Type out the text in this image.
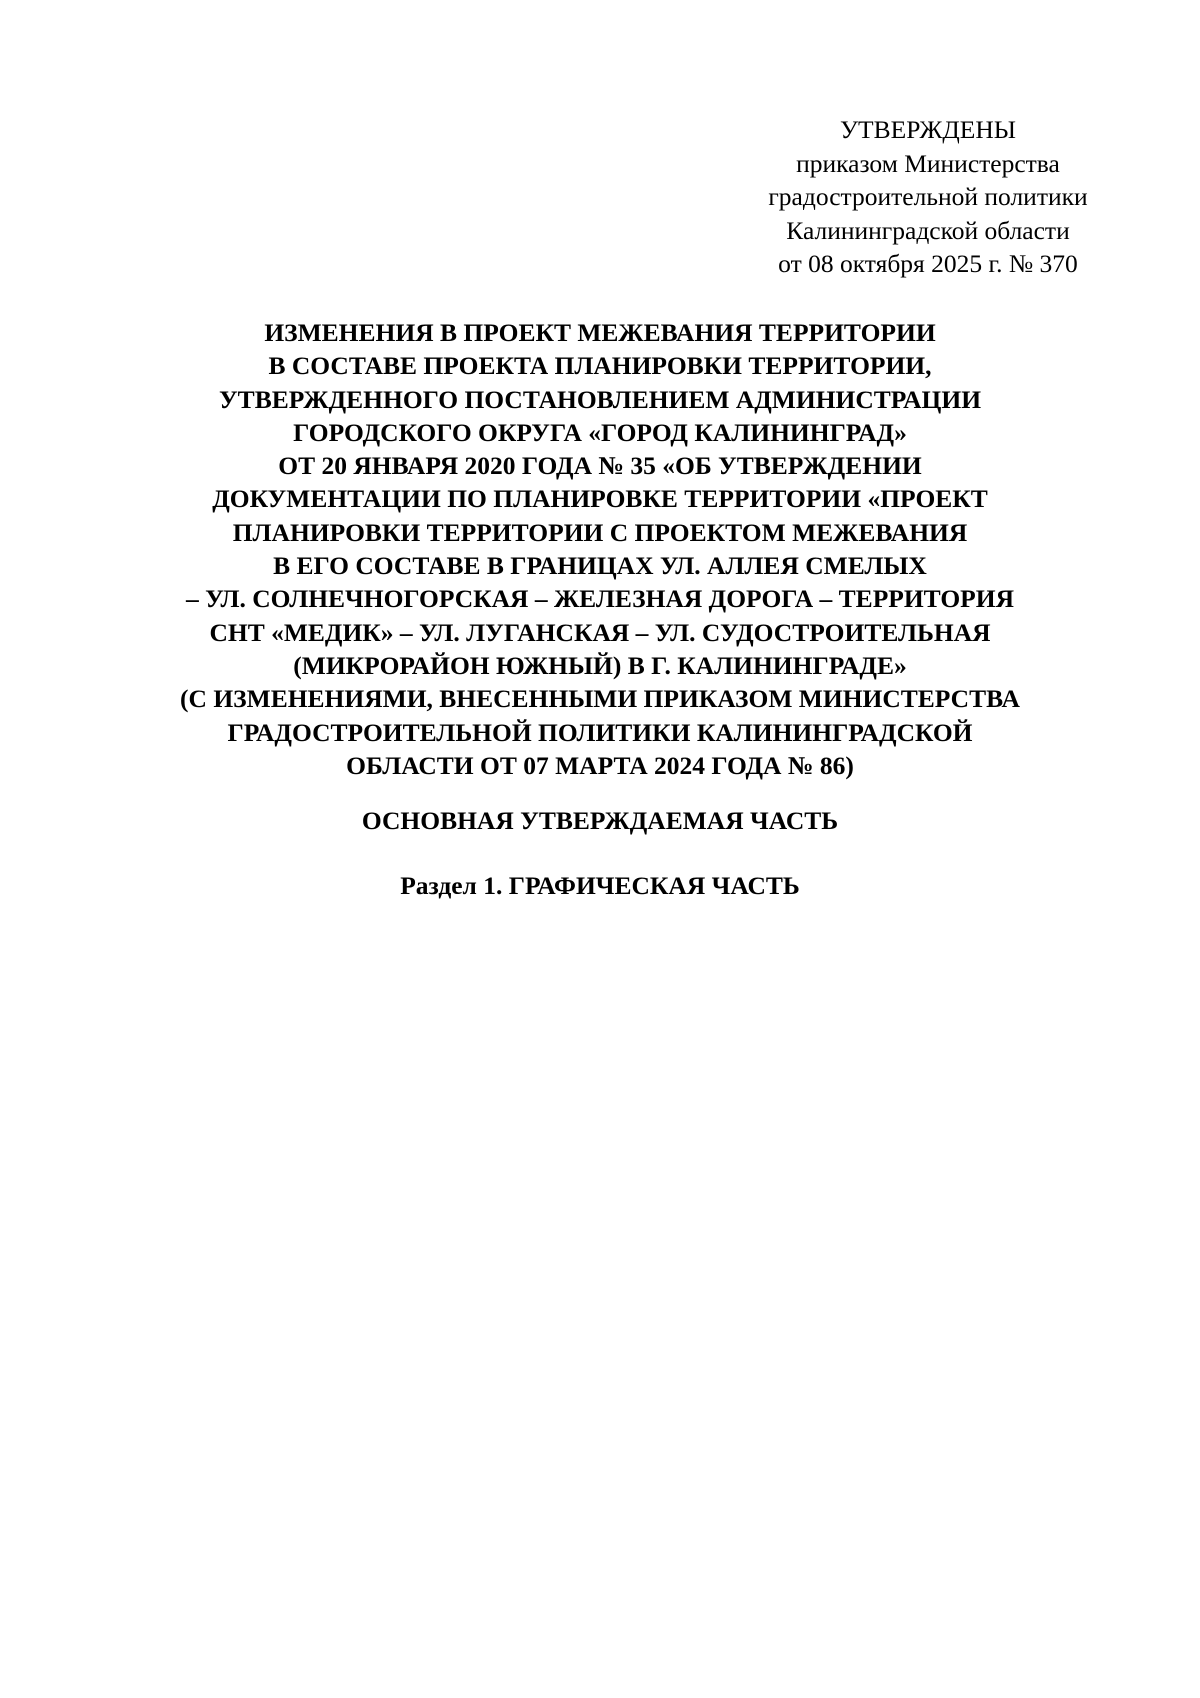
УТВЕРЖДЕНЫ
приказом Министерства
градостроительной политики
Калининградской области
от 08 октября 2025 г. № 370
ИЗМЕНЕНИЯ В ПРОЕКТ МЕЖЕВАНИЯ ТЕРРИТОРИИ
В СОСТАВЕ ПРОЕКТА ПЛАНИРОВКИ ТЕРРИТОРИИ,
УТВЕРЖДЕННОГО ПОСТАНОВЛЕНИЕМ АДМИНИСТРАЦИИ
ГОРОДСКОГО ОКРУГА «ГОРОД КАЛИНИНГРАД»
ОТ 20 ЯНВАРЯ 2020 ГОДА № 35 «ОБ УТВЕРЖДЕНИИ
ДОКУМЕНТАЦИИ ПО ПЛАНИРОВКЕ ТЕРРИТОРИИ «ПРОЕКТ
ПЛАНИРОВКИ ТЕРРИТОРИИ С ПРОЕКТОМ МЕЖЕВАНИЯ
В ЕГО СОСТАВЕ В ГРАНИЦАХ УЛ. АЛЛЕЯ СМЕЛЫХ
– УЛ. СОЛНЕЧНОГОРСКАЯ – ЖЕЛЕЗНАЯ ДОРОГА – ТЕРРИТОРИЯ
СНТ «МЕДИК» – УЛ. ЛУГАНСКАЯ – УЛ. СУДОСТРОИТЕЛЬНАЯ
(МИКРОРАЙОН ЮЖНЫЙ) В Г. КАЛИНИНГРАДЕ»
(С ИЗМЕНЕНИЯМИ, ВНЕСЕННЫМИ ПРИКАЗОМ МИНИСТЕРСТВА
ГРАДОСТРОИТЕЛЬНОЙ ПОЛИТИКИ КАЛИНИНГРАДСКОЙ
ОБЛАСТИ ОТ 07 МАРТА 2024 ГОДА № 86)
ОСНОВНАЯ УТВЕРЖДАЕМАЯ ЧАСТЬ
Раздел 1. ГРАФИЧЕСКАЯ ЧАСТЬ
